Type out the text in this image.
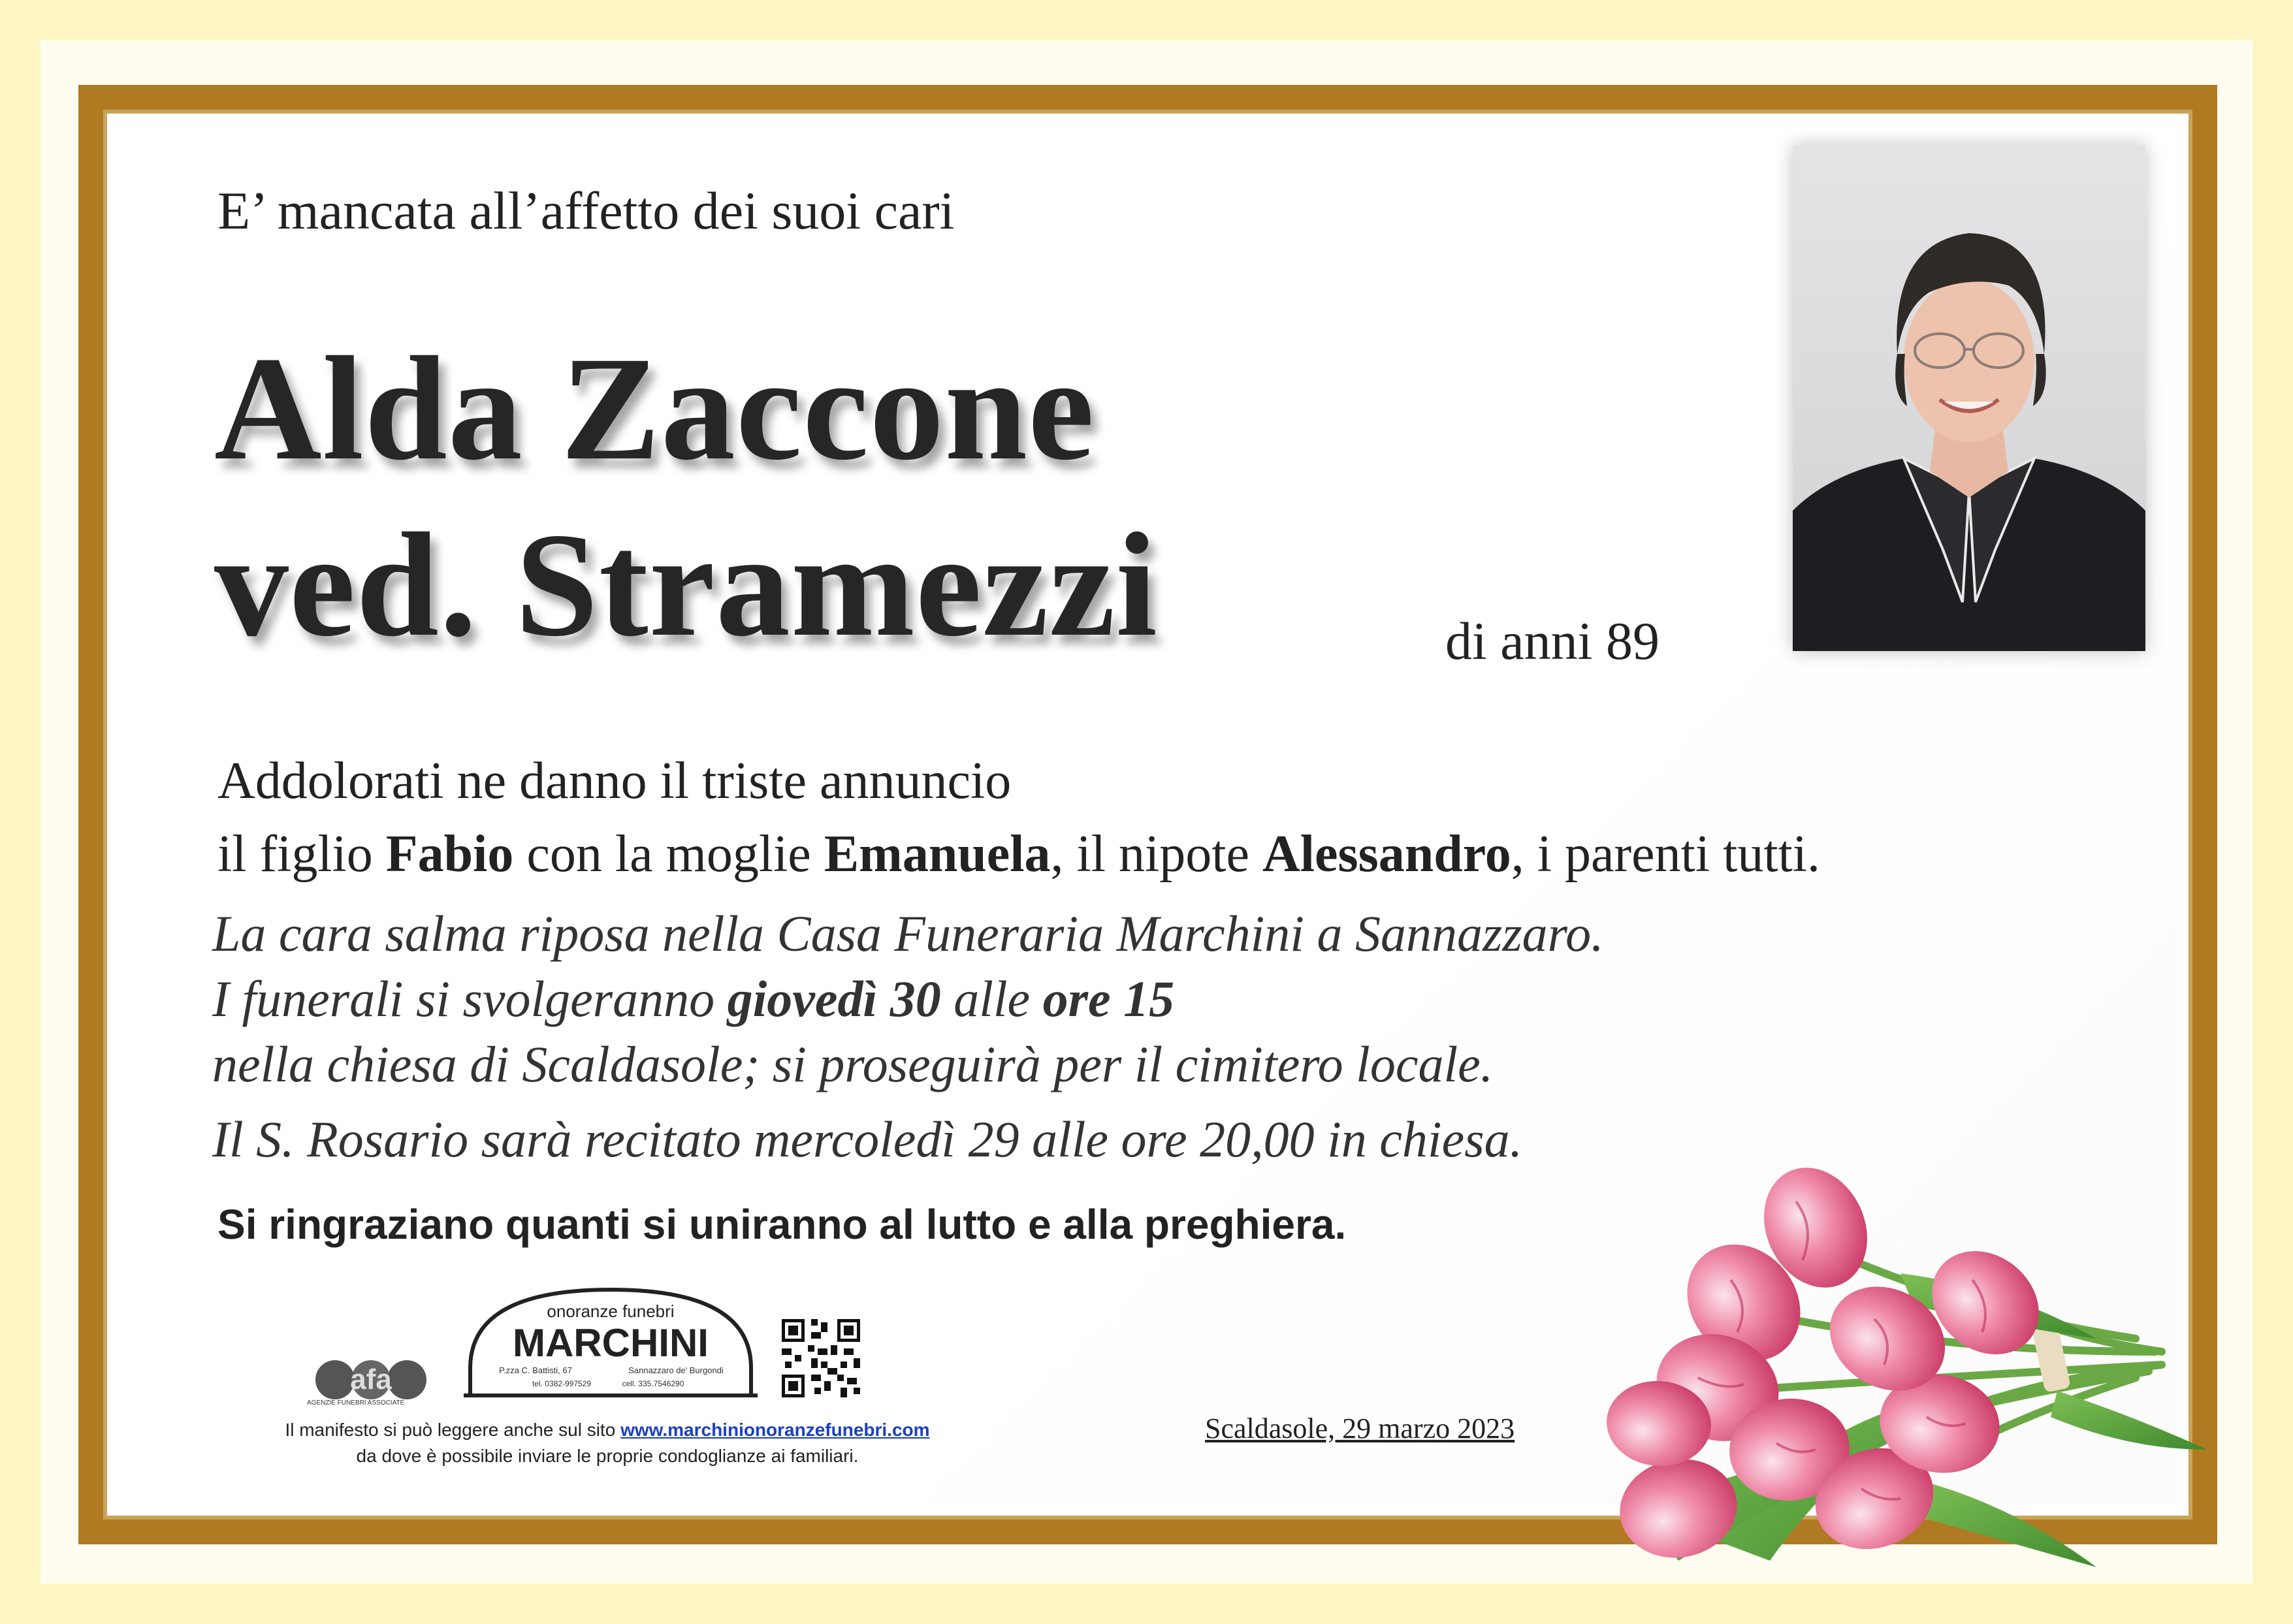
E’ mancata all’affetto dei suoi cari
Alda Zaccone
ved. Stramezzi	di anni 89
Addolorati ne danno il triste annuncio
il figlio Fabio con la moglie Emanuela, il nipote Alessandro, i parenti tutti.
La cara salma riposa nella Casa Funeraria Marchini a Sannazzaro.
I funerali si svolgeranno giovedì 30 alle ore 15
nella chiesa di Scaldasole; si proseguirà per il cimitero locale.
Il S. Rosario sarà recitato mercoledì 29 alle ore 20,00 in chiesa.
Si ringraziano quanti si uniranno al lutto e alla preghiera.
afa
AGENZIE FUNEBRI ASSOCIATE
onoranze funebri
MARCHINI
P.zza C. Battisti, 67	Sannazzaro de' Burgondi
tel. 0382-997529	cell. 335.7546290
Il manifesto si può leggere anche sul sito www.marchinionoranzefunebri.com
da dove è possibile inviare le proprie condoglianze ai familiari.
Scaldasole, 29 marzo 2023
